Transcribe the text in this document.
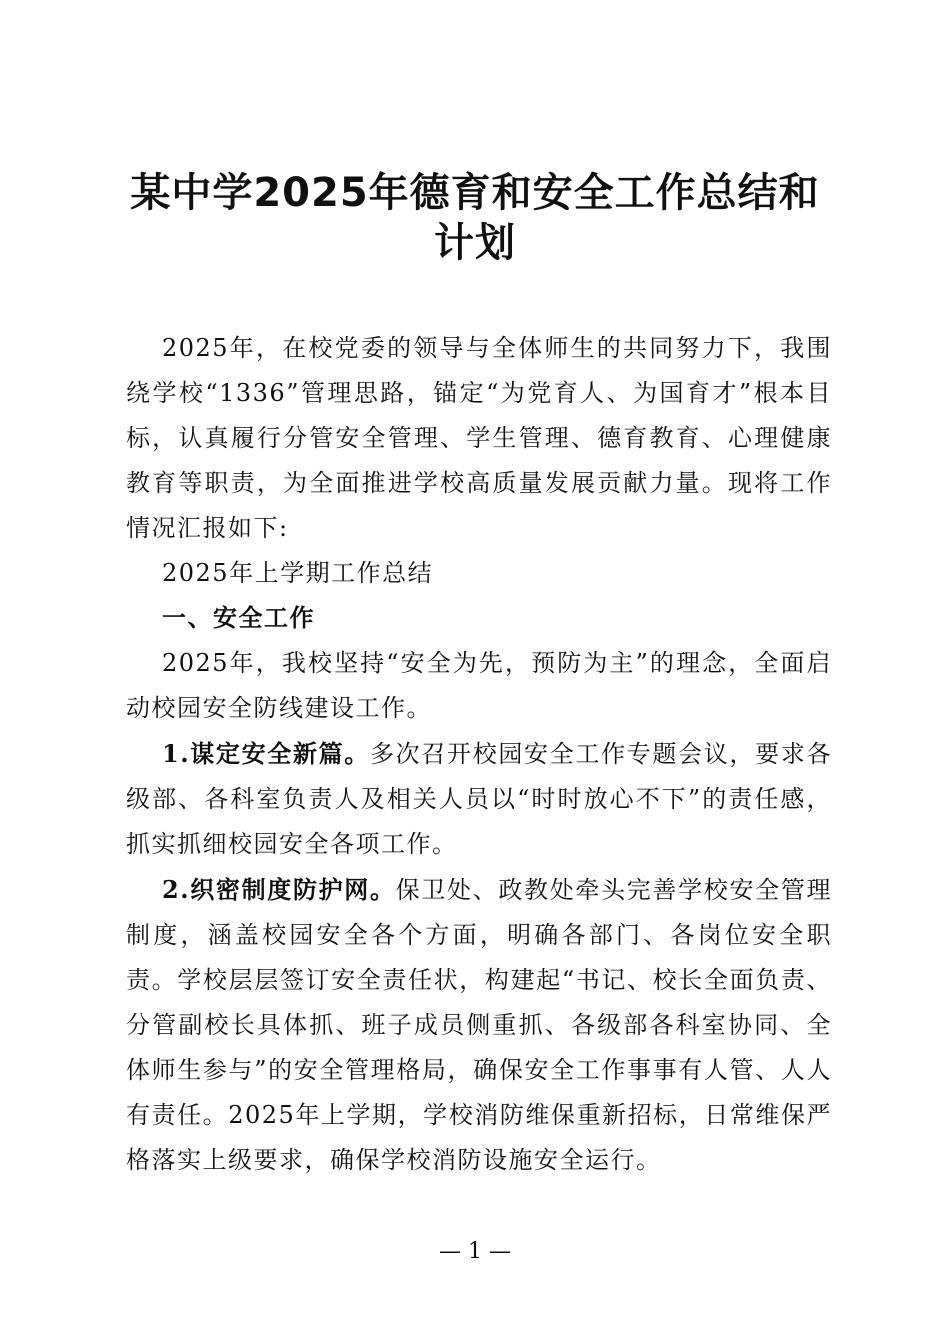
某中学2025年德育和安全工作总结和
计划

2025年，在校党委的领导与全体师生的共同努力下，我围绕学校“1336”管理思路，锚定“为党育人、为国育才”根本目标，认真履行分管安全管理、学生管理、德育教育、心理健康教育等职责，为全面推进学校高质量发展贡献力量。现将工作情况汇报如下:

2025年上学期工作总结

一、安全工作

2025年，我校坚持“安全为先，预防为主”的理念，全面启动校园安全防线建设工作。

1.谋定安全新篇。多次召开校园安全工作专题会议，要求各级部、各科室负责人及相关人员以“时时放心不下”的责任感，抓实抓细校园安全各项工作。

2.织密制度防护网。保卫处、政教处牵头完善学校安全管理制度，涵盖校园安全各个方面，明确各部门、各岗位安全职责。学校层层签订安全责任状，构建起“书记、校长全面负责、分管副校长具体抓、班子成员侧重抓、各级部各科室协同、全体师生参与”的安全管理格局，确保安全工作事事有人管、人人有责任。2025年上学期，学校消防维保重新招标，日常维保严格落实上级要求，确保学校消防设施安全运行。

— 1 —
